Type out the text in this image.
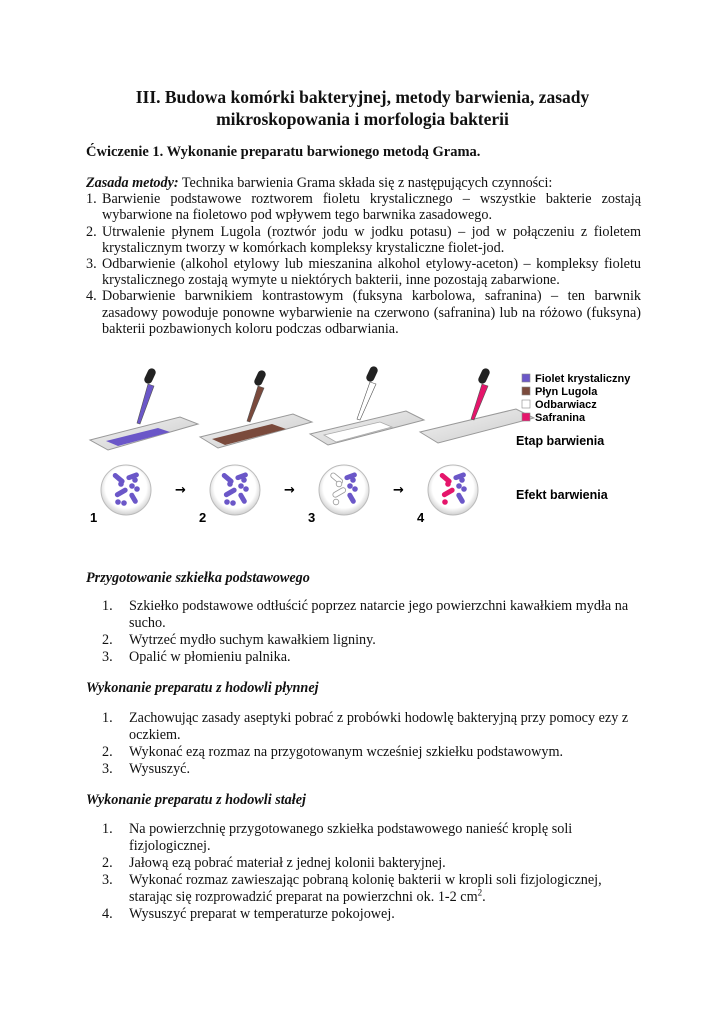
III. Budowa komórki bakteryjnej, metody barwienia, zasady
mikroskopowania i morfologia bakterii
Ćwiczenie 1. Wykonanie preparatu barwionego metodą Grama.
Zasada metody: Technika barwienia Grama składa się z następujących czynności:
1. Barwienie podstawowe roztworem fioletu krystalicznego – wszystkie bakterie zostają wybarwione na fioletowo pod wpływem tego barwnika zasadowego.
2. Utrwalenie płynem Lugola (roztwór jodu w jodku potasu) – jod w połączeniu z fioletem krystalicznym tworzy w komórkach kompleksy krystaliczne fiolet-jod.
3. Odbarwienie (alkohol etylowy lub mieszanina alkohol etylowy-aceton) – kompleksy fioletu krystalicznego zostają wymyte u niektórych bakterii, inne pozostają zabarwione.
4. Dobarwienie barwnikiem kontrastowym (fuksyna karbolowa, safranina) – ten barwnik zasadowy powoduje ponowne wybarwienie na czerwono (safranina) lub na różowo (fuksyna) bakterii pozbawionych koloru podczas odbarwiania.
Fiolet krystaliczny
Płyn Lugola
Odbarwiacz
Safranina
Etap barwienia
Efekt barwienia
→	→	→
1	2	3	4
Przygotowanie szkiełka podstawowego
1. Szkiełko podstawowe odtłuścić poprzez natarcie jego powierzchni kawałkiem mydła na sucho.
2. Wytrzeć mydło suchym kawałkiem ligniny.
3. Opalić w płomieniu palnika.
Wykonanie preparatu z hodowli płynnej
1. Zachowując zasady aseptyki pobrać z probówki hodowlę bakteryjną przy pomocy ezy z oczkiem.
2. Wykonać ezą rozmaz na przygotowanym wcześniej szkiełku podstawowym.
3. Wysuszyć.
Wykonanie preparatu z hodowli stałej
1. Na powierzchnię przygotowanego szkiełka podstawowego nanieść kroplę soli fizjologicznej.
2. Jałową ezą pobrać materiał z jednej kolonii bakteryjnej.
3. Wykonać rozmaz zawieszając pobraną kolonię bakterii w kropli soli fizjologicznej, starając się rozprowadzić preparat na powierzchni ok. 1-2 $cm^2$.
4. Wysuszyć preparat w temperaturze pokojowej.
